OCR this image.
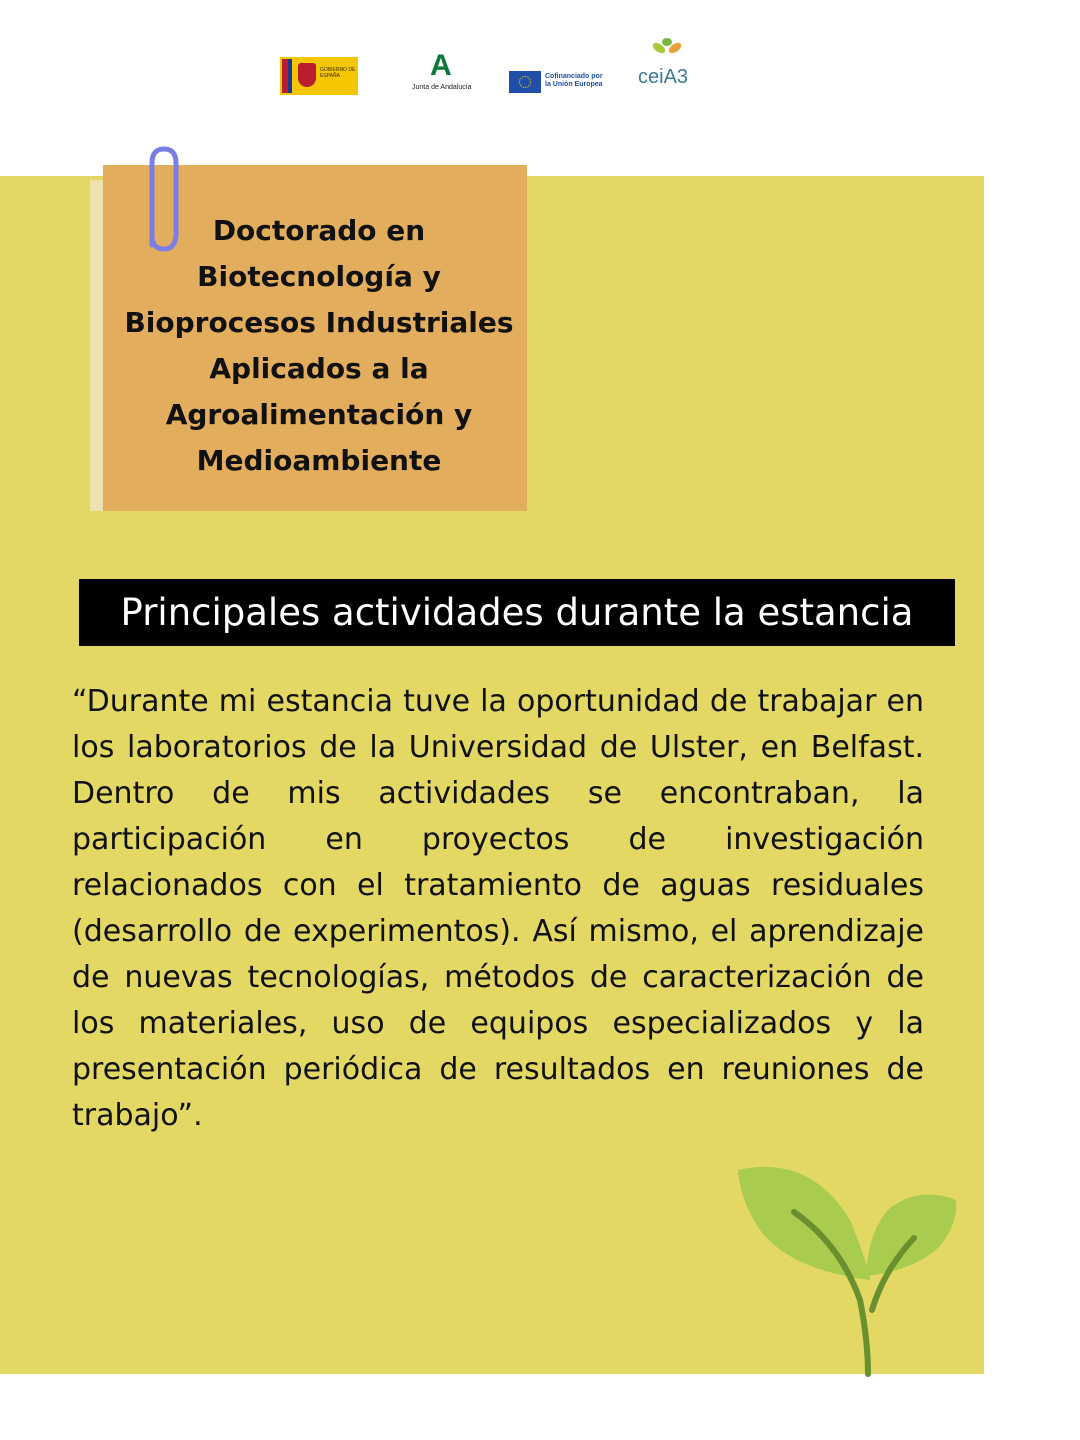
GOBIERNO DE ESPAÑA	A
Junta de Andalucía
Cofinanciado por la Unión Europea	ceiA3
Doctorado en Biotecnología y Bioprocesos Industriales Aplicados a la Agroalimentación y Medioambiente
Principales actividades durante la estancia
“Durante mi estancia tuve la oportunidad de trabajar en los laboratorios de la Universidad de Ulster, en Belfast. Dentro de mis actividades se encontraban, la participación en proyectos de investigación relacionados con el tratamiento de aguas residuales (desarrollo de experimentos). Así mismo, el aprendizaje de nuevas tecnologías, métodos de caracterización de los materiales, uso de equipos especializados y la presentación periódica de resultados en reuniones de trabajo”.
